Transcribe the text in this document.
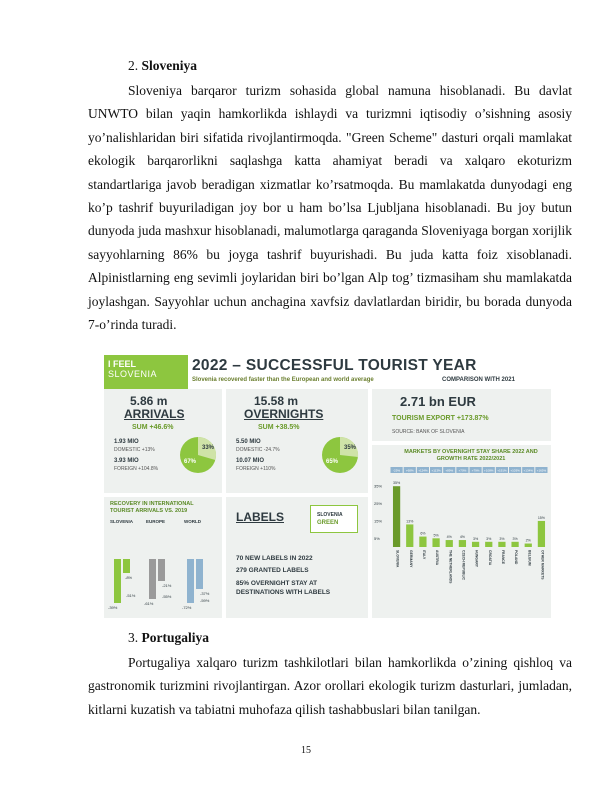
2. Sloveniya

Sloveniya barqaror turizm sohasida global namuna hisoblanadi. Bu davlat UNWTO bilan yaqin hamkorlikda ishlaydi va turizmni iqtisodiy o’sishning asosiy yo’nalishlaridan biri sifatida rivojlantirmoqda. "Green Scheme" dasturi orqali mamlakat ekologik barqarorlikni saqlashga katta ahamiyat beradi va xalqaro ekoturizm standartlariga javob beradigan xizmatlar ko’rsatmoqda. Bu mamlakatda dunyodagi eng ko’p tashrif buyuriladigan joy bor u ham bo’lsa Ljubljana hisoblanadi. Bu joy butun dunyoda juda mashxur hisoblanadi, malumotlarga qaraganda Sloveniyaga borgan xorijlik sayyohlarning 86% bu joyga tashrif buyurishadi. Bu juda katta foiz xisoblanadi. Alpinistlarning eng sevimli joylaridan biri bo’lgan Alp tog’ tizmasiham shu mamlakatda joylashgan. Sayyohlar uchun anchagina xavfsiz davlatlardan biridir, bu borada dunyoda 7-o’rinda turadi.

I FEEL
SLOVENIA	2022 – SUCCESSFUL TOURIST YEAR
Slovenia recovered faster than the European and world average	COMPARISON WITH 2021
5.86 m
ARRIVALS
SUM +46.6%
1.93 MIO
DOMESTIC +13%
3.93 MIO
FOREIGN +104.8%
33%
67%
RECOVERY IN INTERNATIONAL TOURIST ARRIVALS VS. 2019
SLOVENIA	EUROPE	WORLD
-39%
-8%
-61%
-21%
-72%
-37%
-51%	-55%
-59%
15.58 m
OVERNIGHTS
SUM +38.5%
5.50 MIO
DOMESTIC -24.7%
10.07 MIO
FOREIGN +110%
35%
65%
LABELS	SLOVENIA
GREEN
70 NEW LABELS IN 2022
279 GRANTED LABELS
85% OVERNIGHT STAY AT DESTINATIONS WITH LABELS
2.71 bn EUR
TOURISM EXPORT +173.87%
SOURCE: BANK OF SLOVENIA
MARKETS BY OVERNIGHT STAY SHARE 2022 AND GROWTH RATE 2022/2021
35%
25%
15%
5%
-25%
35%
SLOVENIA
+68%
13%
GERMANY
+124%
6%
ITALY
+113%
5%
AUSTRIA
+89%
4%
THE NETHERLANDS
+70%
4%
CZECH REPUBLIC
+79%
3%
HUNGARY
+108%
3%
CROATIA
+191%
3%
FRANCE
+103%
3%
POLAND
+134%
2%
BELGIUM
+165%
15%
OTHER MARKETS
3. Portugaliya

Portugaliya xalqaro turizm tashkilotlari bilan hamkorlikda o’zining qishloq va gastronomik turizmini rivojlantirgan. Azor orollari ekologik turizm dasturlari, jumladan, kitlarni kuzatish va tabiatni muhofaza qilish tashabbuslari bilan tanilgan.

15
